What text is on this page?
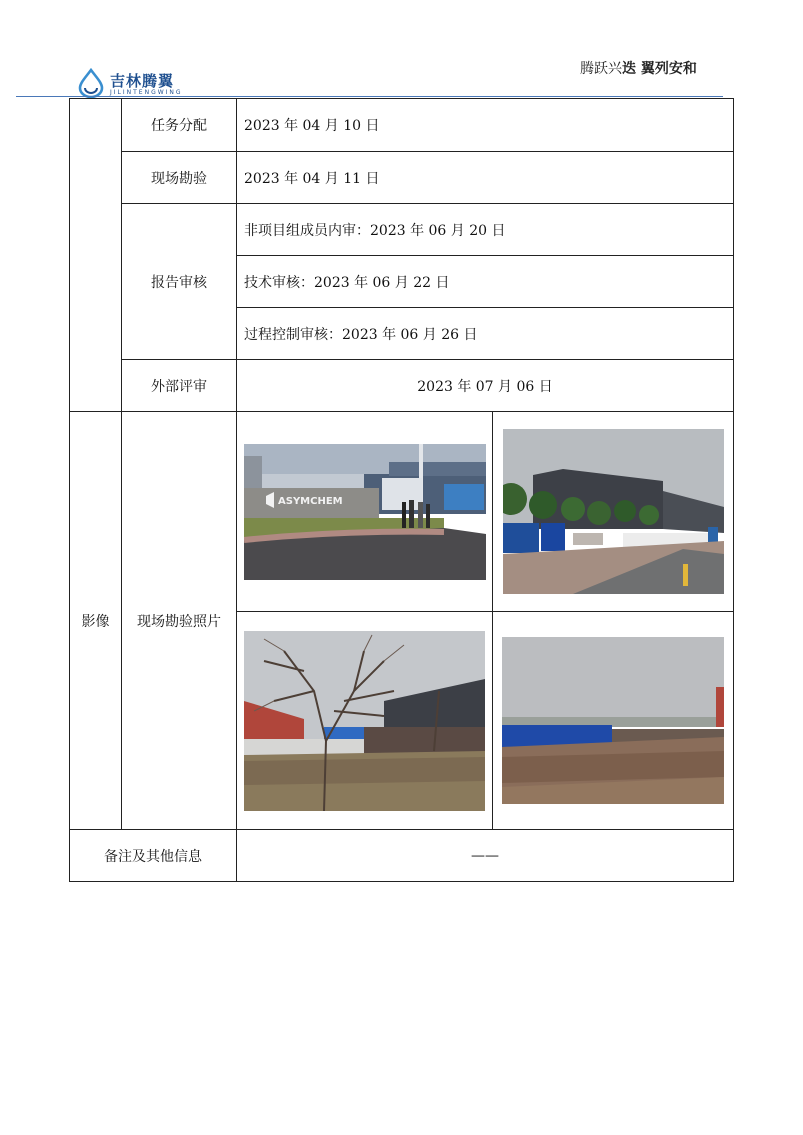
吉林腾翼
JILINTENGWING
腾跃兴迭 翼列安和
	任务分配	2023 年 04 月 10 日	
	现场勘验	2023 年 04 月 11 日	
	报告审核	非项目组成员内审：2023 年 06 月 20 日	
		技术审核：2023 年 06 月 22 日	
		过程控制审核：2023 年 06 月 26 日	
	外部评审	2023 年 07 月 06 日	
影像	现场勘验照片	ASYMCHEM

备注及其他信息		——	
